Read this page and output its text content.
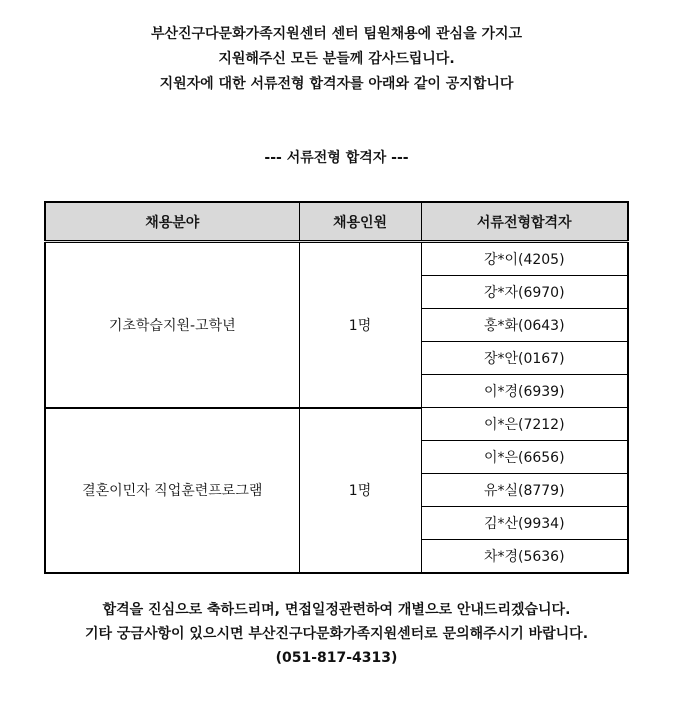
부산진구다문화가족지원센터 센터 팀원채용에 관심을 가지고
지원해주신 모든 분들께 감사드립니다.
지원자에 대한 서류전형 합격자를 아래와 같이 공지합니다
--- 서류전형 합격자 ---
채용분야	채용인원	서류전형합격자
기초학습지원-고학년	1명	강*이(4205)
		강*자(6970)
		홍*화(0643)
		장*안(0167)
		이*경(6939)
결혼이민자 직업훈련프로그램	1명	이*은(7212)
		이*은(6656)
		유*실(8779)
		김*산(9934)
		차*경(5636)
합격을 진심으로 축하드리며, 면접일정관련하여 개별으로 안내드리겠습니다.
기타 궁금사항이 있으시면 부산진구다문화가족지원센터로 문의해주시기 바랍니다.
(051-817-4313)
